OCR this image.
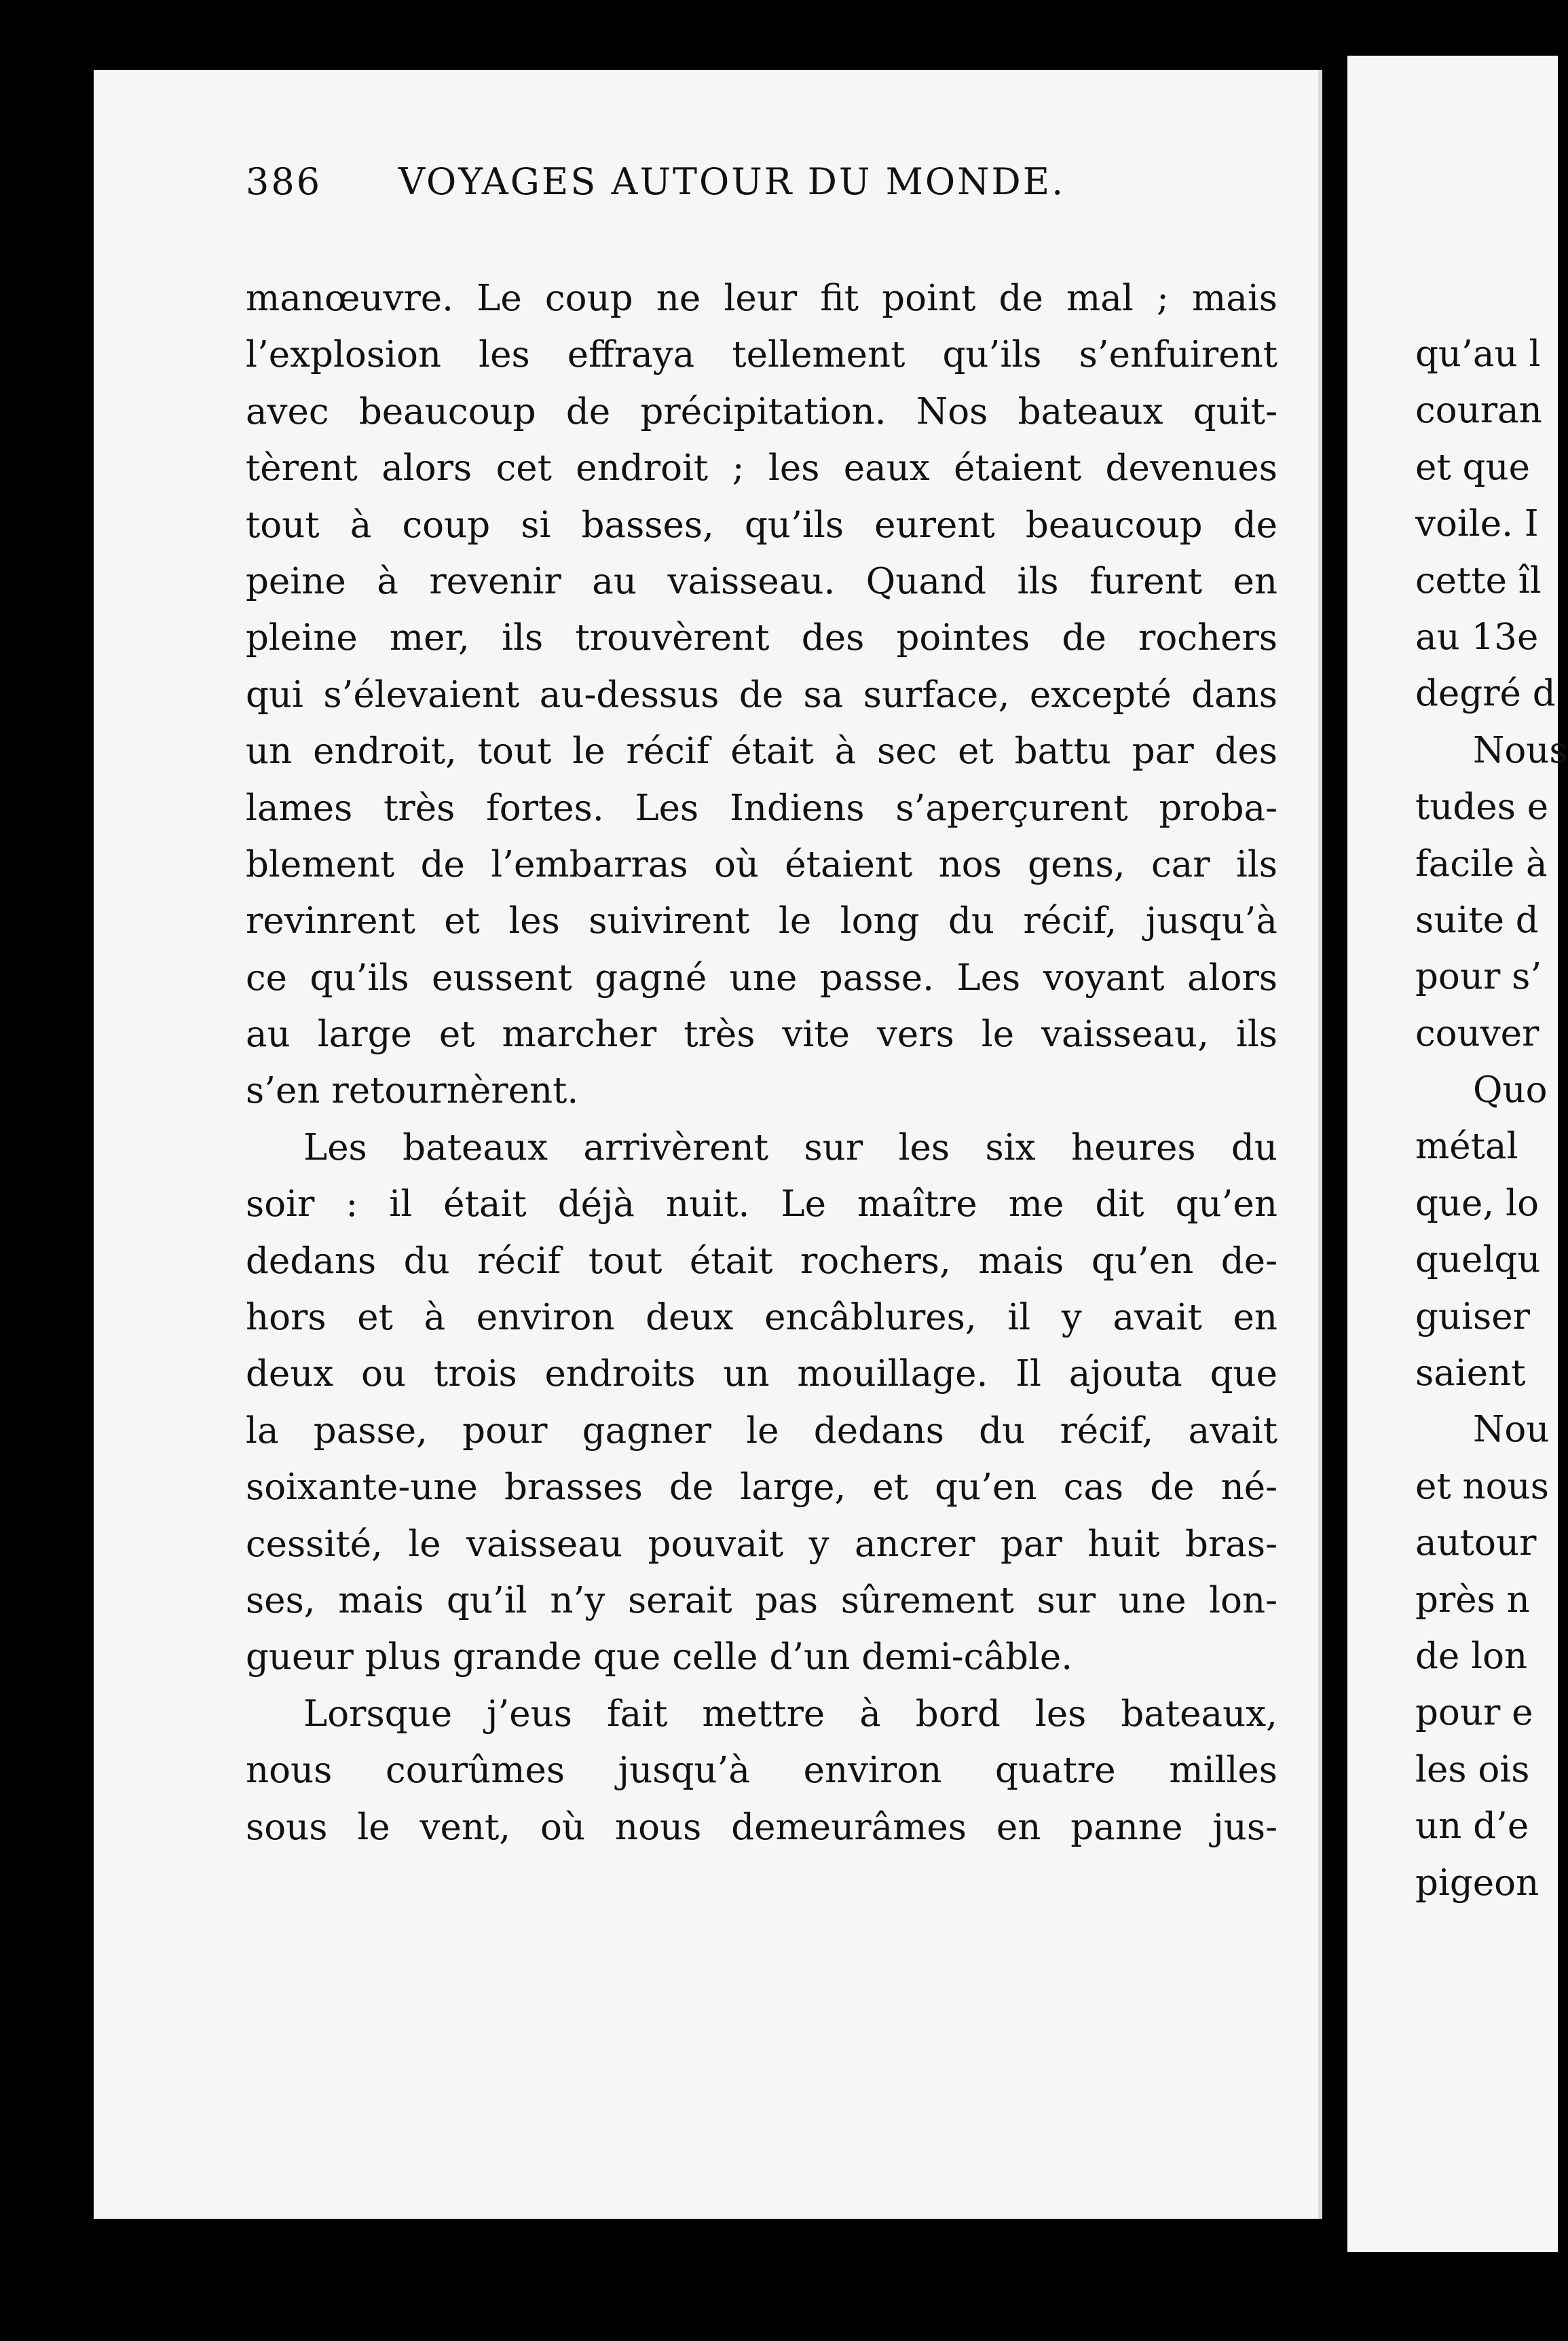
386 VOYAGES AUTOUR DU MONDE.
manœuvre. Le coup ne leur fit point de mal ; mais
l’explosion les effraya tellement qu’ils s’enfuirent
avec beaucoup de précipitation. Nos bateaux quit-
tèrent alors cet endroit ; les eaux étaient devenues
tout à coup si basses, qu’ils eurent beaucoup de
peine à revenir au vaisseau. Quand ils furent en
pleine mer, ils trouvèrent des pointes de rochers
qui s’élevaient au-dessus de sa surface, excepté dans
un endroit, tout le récif était à sec et battu par des
lames très fortes. Les Indiens s’aperçurent proba-
blement de l’embarras où étaient nos gens, car ils
revinrent et les suivirent le long du récif, jusqu’à
ce qu’ils eussent gagné une passe. Les voyant alors
au large et marcher très vite vers le vaisseau, ils
s’en retournèrent.
Les bateaux arrivèrent sur les six heures du
soir : il était déjà nuit. Le maître me dit qu’en
dedans du récif tout était rochers, mais qu’en de-
hors et à environ deux encâblures, il y avait en
deux ou trois endroits un mouillage. Il ajouta que
la passe, pour gagner le dedans du récif, avait
soixante-une brasses de large, et qu’en cas de né-
cessité, le vaisseau pouvait y ancrer par huit bras-
ses, mais qu’il n’y serait pas sûrement sur une lon-
gueur plus grande que celle d’un demi-câble.
Lorsque j’eus fait mettre à bord les bateaux,
nous courûmes jusqu’à environ quatre milles
sous le vent, où nous demeurâmes en panne jus-
qu’au l
couran
et que
voile. I
cette îl
au 13e
degré d
Nous
tudes e
facile à
suite d
pour s’
couver
Quo
métal
que, lo
quelqu
guiser
saient
Nou
et nous
autour
près n
de lon
pour e
les ois
un d’e
pigeon
